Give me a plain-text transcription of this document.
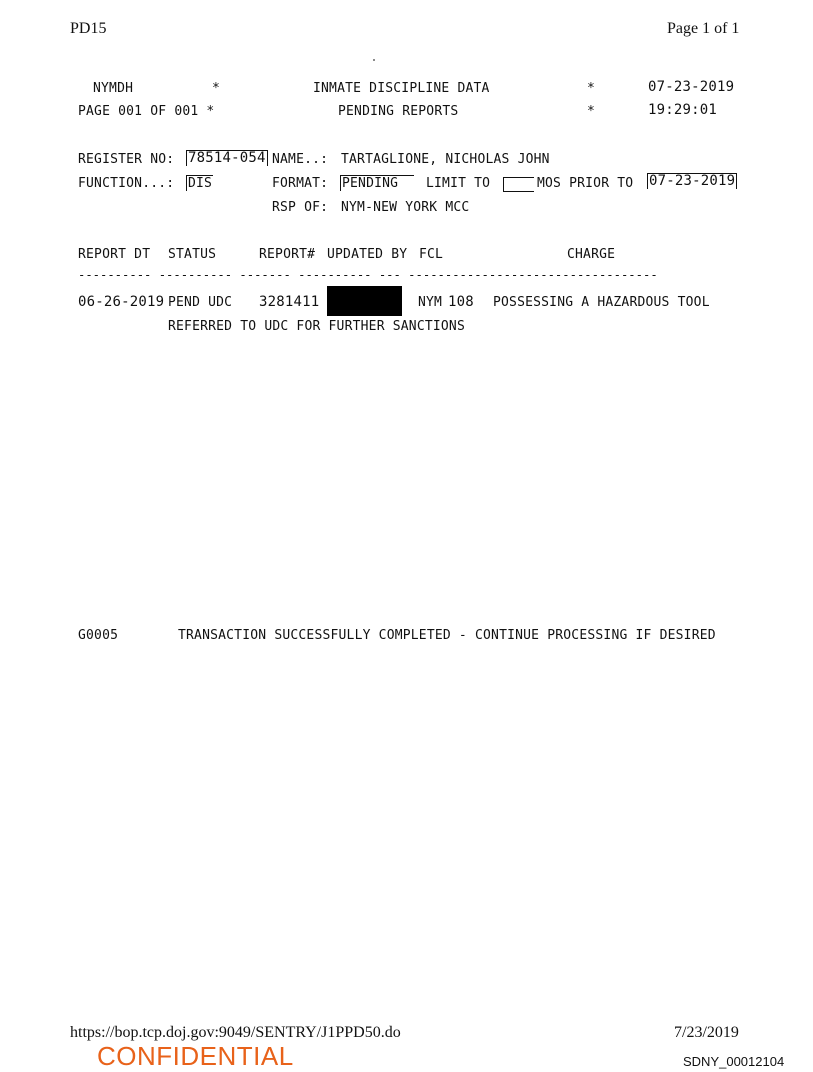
PD15	Page 1 of 1
NYMDH	*	INMATE DISCIPLINE DATA	*	07-23-2019
PAGE 001 OF 001 *	PENDING REPORTS	*	19:29:01
REGISTER NO: 78514-054 NAME..: TARTAGLIONE, NICHOLAS JOHN
FUNCTION...: DIS	FORMAT: PENDING	LIMIT TO	MOS PRIOR TO 07-23-2019
RSP OF: NYM-NEW YORK MCC
REPORT DT STATUS	REPORT# UPDATED BY FCL	CHARGE
---------- ---------- ------- ---------- --- ----------------------------------
06-26-2019 PEND UDC 3281411	NYM 108 POSSESSING A HAZARDOUS TOOL
REFERRED TO UDC FOR FURTHER SANCTIONS
G0005	TRANSACTION SUCCESSFULLY COMPLETED - CONTINUE PROCESSING IF DESIRED
https://bop.tcp.doj.gov:9049/SENTRY/J1PPD50.do	7/23/2019
CONFIDENTIAL	SDNY_00012104
